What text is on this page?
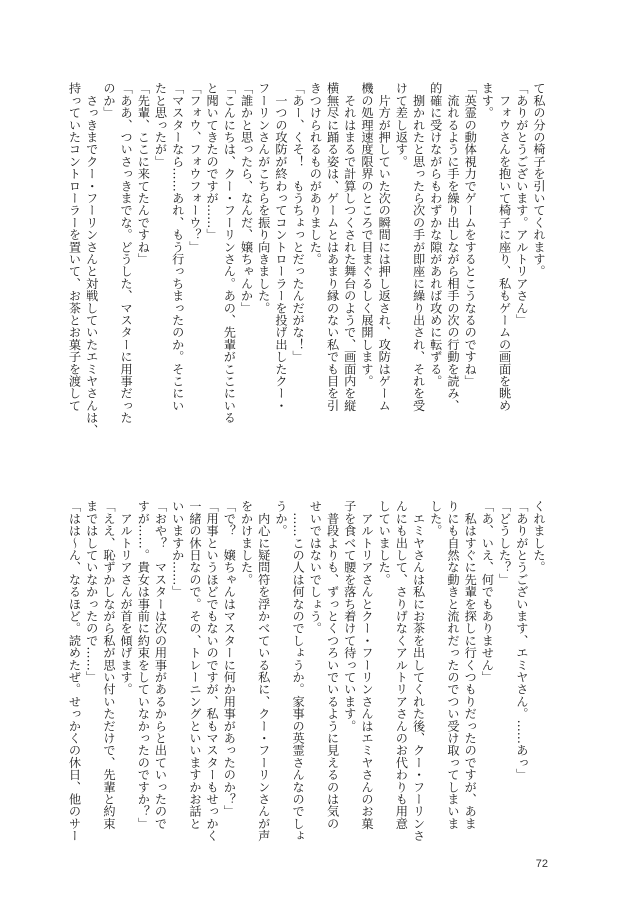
て私の分の椅子を引いてくれます。
「ありがとうございます。アルトリアさん」
　フォウさんを抱いて椅子に座り、私もゲームの画面を眺め
ます。
「英霊の動体視力でゲームをするとこうなるのですね」
　流れるように手を繰り出しながら相手の次の行動を読み、
的確に受けながらもわずかな隙があれば攻めに転ずる。
　捌かれたと思ったら次の手が即座に繰り出され、それを受
けて差し返す。
　片方が押していた次の瞬間には押し返され、攻防はゲーム
機の処理速度限界のところで目まぐるしく展開します。
　それはまるで計算しつくされた舞台のようで、画面内を縦
横無尽に踊る姿は、ゲームとはあまり縁のない私でも目を引
きつけられるものがありました。
「あー、くそ！　もうちょっとだったんだがな！」
　一つの攻防が終わってコントローラーを投げ出したクー・
フーリンさんがこちらを振り向きました。
「誰かと思ったら、なんだ、嬢ちゃんか」
「こんにちは、クー・フーリンさん。あの、先輩がここにいる
と聞いてきたのですが……」
「フォウ、フォウフォーウ？」
「マスターなら……あれ、もう行っちまったのか。そこにい
たと思ったが」
「先輩、ここに来てたんですね」
「ああ、ついさっきまでな。どうした、マスターに用事だった
のか」
　さっきまでクー・フーリンさんと対戦していたエミヤさんは、
持っていたコントローラーを置いて、お茶とお菓子を渡して
くれました。
「ありがとうございます、エミヤさん。……あっ」
「どうした？」
「あ、いえ、何でもありません」
　私はすぐに先輩を探しに行くつもりだったのですが、あま
りにも自然な動きと流れだったのでつい受け取ってしまいま
した。
　エミヤさんは私にお茶を出してくれた後、クー・フーリンさ
んにも出して、さりげなくアルトリアさんのお代わりも用意
していました。
　アルトリアさんとクー・フーリンさんはエミヤさんのお菓
子を食べて腰を落ち着けて待っています。
　普段よりも、ずっとくつろいでいるように見えるのは気の
せいではないでしょう。
　……この人は何なのでしょうか。家事の英霊さんなのでしょ
うか。
　内心に疑問符を浮かべている私に、クー・フーリンさんが声
をかけました。
「で？　嬢ちゃんはマスターに何か用事があったのか？」
「用事というほどでもないのですが、私もマスターもせっかく
一緒の休日なので。その、トレーニングといいますかお話と
いいますか……」
「おや？　マスターは次の用事があるからと出ていったので
すが……。貴女は事前に約束をしていなかったのですか？」
　アルトリアさんが首を傾げます。
「ええ、恥ずかしながら私が思い付いただけで、先輩と約束
まではしていなかったので……」
「はは〜ん、なるほど。読めたぜ。せっかくの休日、他のサー
72
